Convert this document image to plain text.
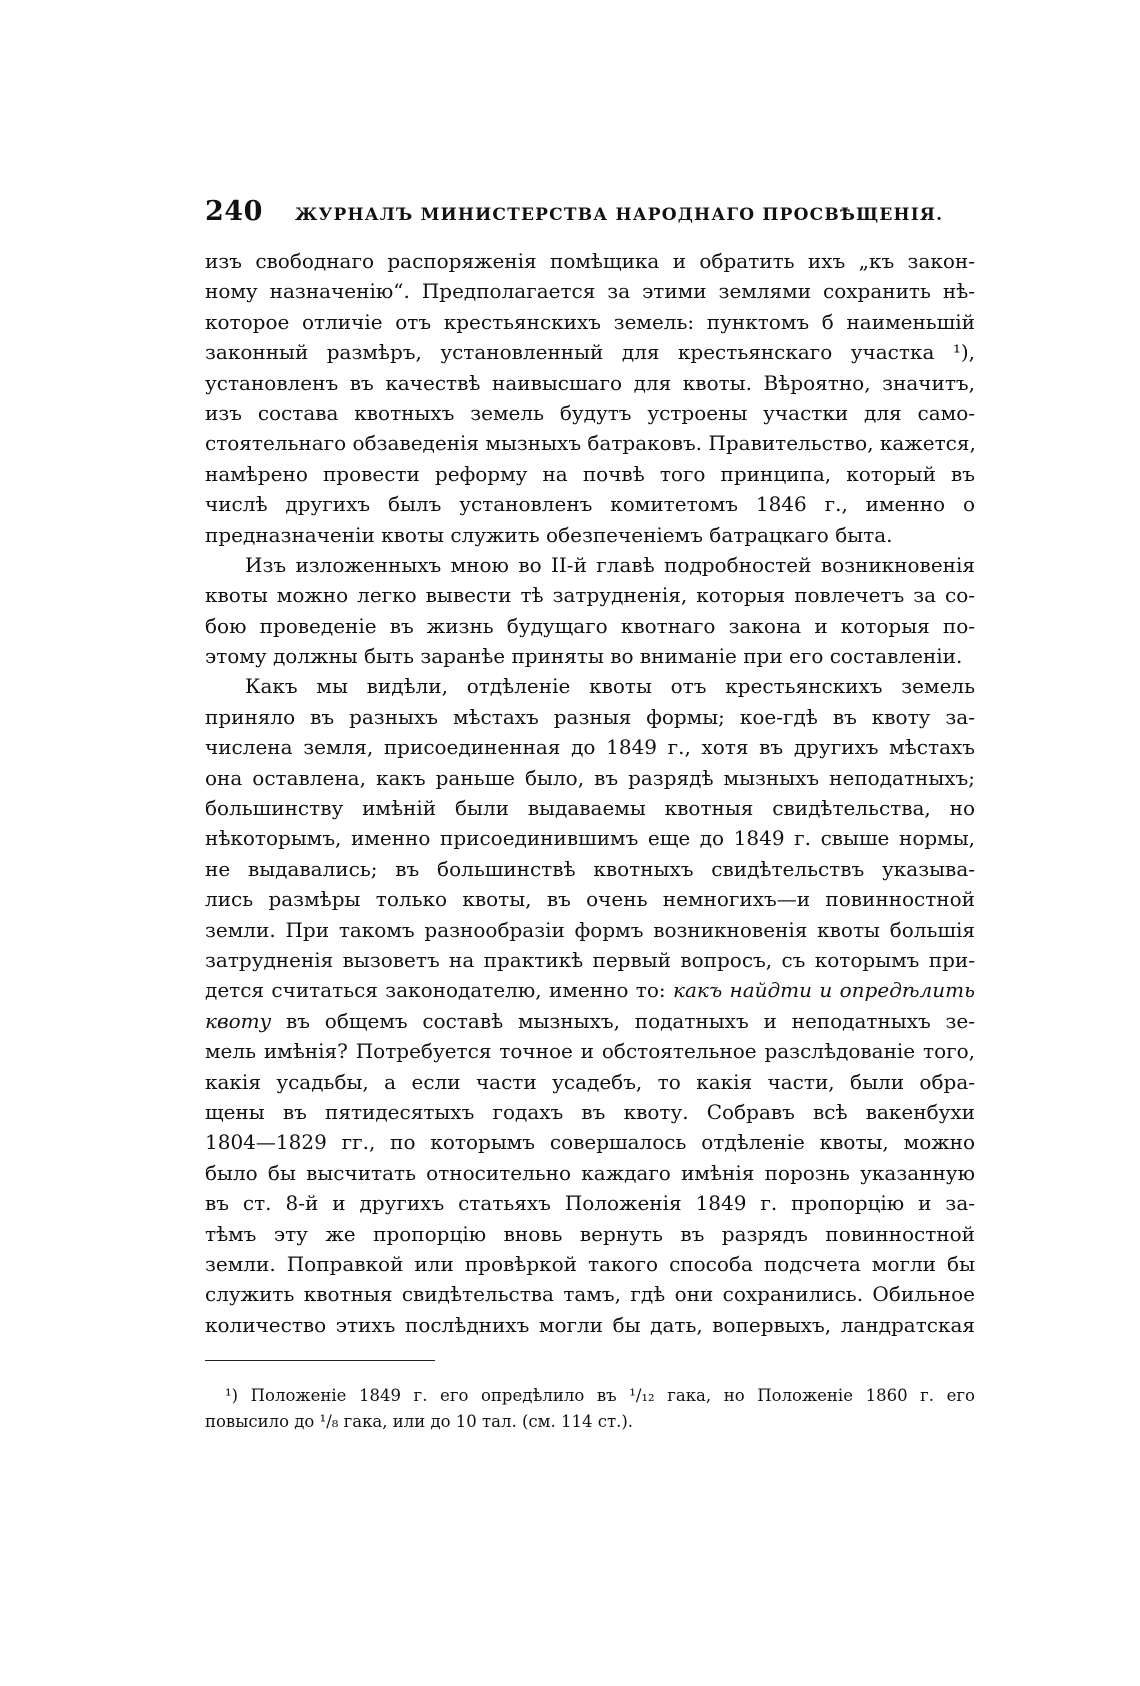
240	ЖУРНАЛЪ МИНИСТЕРСТВА НАРОДНАГО ПРОСВѢЩЕНІЯ.
изъ свободнаго распоряженія помѣщика и обратить ихъ „къ закон-
ному назначенію“. Предполагается за этими землями сохранить нѣ-
которое отличіе отъ крестьянскихъ земель: пунктомъ б наименьшій
законный размѣръ, установленный для крестьянскаго участка ¹),
установленъ въ качествѣ наивысшаго для квоты. Вѣроятно, значитъ,
изъ состава квотныхъ земель будутъ устроены участки для само-
стоятельнаго обзаведенія мызныхъ батраковъ. Правительство, кажется,
намѣрено провести реформу на почвѣ того принципа, который въ
числѣ другихъ былъ установленъ комитетомъ 1846 г., именно о
предназначеніи квоты служить обезпеченіемъ батрацкаго быта.
Изъ изложенныхъ мною во II-й главѣ подробностей возникновенія
квоты можно легко вывести тѣ затрудненія, которыя повлечетъ за со-
бою проведеніе въ жизнь будущаго квотнаго закона и которыя по-
этому должны быть заранѣе приняты во вниманіе при его составленіи.
Какъ мы видѣли, отдѣленіе квоты отъ крестьянскихъ земель
приняло въ разныхъ мѣстахъ разныя формы; кое-гдѣ въ квоту за-
числена земля, присоединенная до 1849 г., хотя въ другихъ мѣстахъ
она оставлена, какъ раньше было, въ разрядѣ мызныхъ неподатныхъ;
большинству имѣній были выдаваемы квотныя свидѣтельства, но
нѣкоторымъ, именно присоединившимъ еще до 1849 г. свыше нормы,
не выдавались; въ большинствѣ квотныхъ свидѣтельствъ указыва-
лись размѣры только квоты, въ очень немногихъ—и повинностной
земли. При такомъ разнообразіи формъ возникновенія квоты большія
затрудненія вызоветъ на практикѣ первый вопросъ, съ которымъ при-
дется считаться законодателю, именно то: какъ найдти и опредѣлить
квоту въ общемъ составѣ мызныхъ, податныхъ и неподатныхъ зе-
мель имѣнія? Потребуется точное и обстоятельное разслѣдованіе того,
какія усадьбы, а если части усадебъ, то какія части, были обра-
щены въ пятидесятыхъ годахъ въ квоту. Собравъ всѣ вакенбухи
1804—1829 гг., по которымъ совершалось отдѣленіе квоты, можно
было бы высчитать относительно каждаго имѣнія порознь указанную
въ ст. 8-й и другихъ статьяхъ Положенія 1849 г. пропорцію и за-
тѣмъ эту же пропорцію вновь вернуть въ разрядъ повинностной
земли. Поправкой или провѣркой такого способа подсчета могли бы
служить квотныя свидѣтельства тамъ, гдѣ они сохранились. Обильное
количество этихъ послѣднихъ могли бы дать, вопервыхъ, ландратская
¹) Положеніе 1849 г. его опредѣлило въ ¹/₁₂ гака, но Положеніе 1860 г. его
повысило до ¹/₈ гака, или до 10 тал. (см. 114 ст.).
